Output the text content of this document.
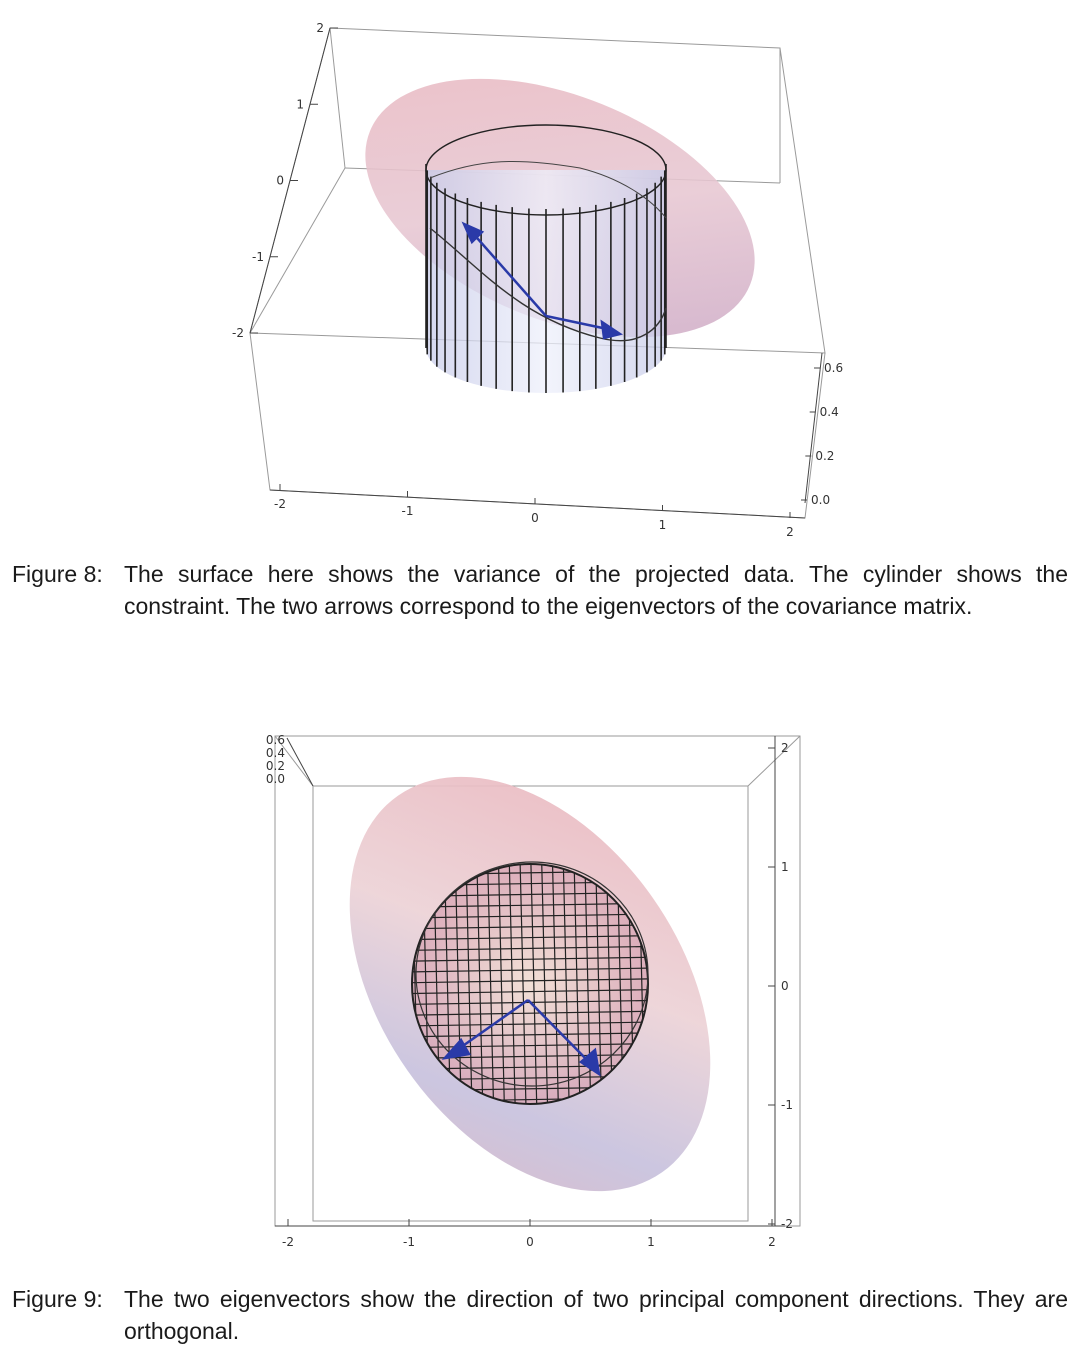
2
1
0
-1
-2
-2	-1	0	1	2
0.6
0.4
0.2
0.0
Figure 8: The surface here shows the variance of the projected data. The cylinder shows the constraint. The two arrows correspond to the eigenvectors of the covariance matrix.
-2	-1	0	1	2
2
1
0
-1
-2
0.6
0.4
0.2
0.0
Figure 9: The two eigenvectors show the direction of two principal component directions. They are orthogonal.
